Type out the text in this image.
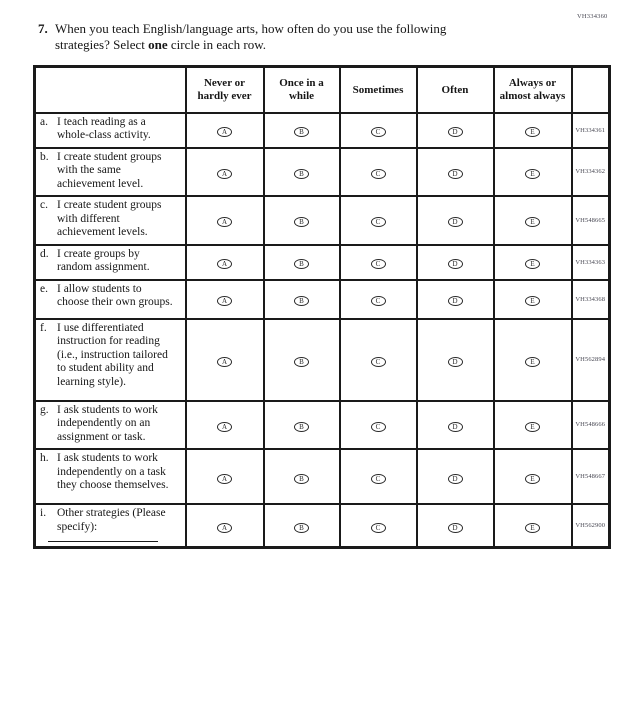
VH334360
7. When you teach English/language arts, how often do you use the following
strategies? Select one circle in each row.
	Never or hardly ever	Once in a while	Sometimes	Often	Always or almost always	

a. I teach reading as a whole-class activity.	A	B	C	D	E	VH334361

b. I create student groups with the same achievement level.	A	B	C	D	E	VH334362

c. I create student groups with different achievement levels.	A	B	C	D	E	VH548665

d. I create groups by random assignment.	A	B	C	D	E	VH334363

e. I allow students to choose their own groups.	A	B	C	D	E	VH334368

f. I use differentiated instruction for reading (i.e., instruction tailored to student ability and learning style).	A	B	C	D	E	VH562894

g. I ask students to work independently on an assignment or task.	A	B	C	D	E	VH548666

h. I ask students to work independently on a task they choose themselves.	A	B	C	D	E	VH548667

i. Other strategies (Please specify):	A	B	C	D	E	VH562900
